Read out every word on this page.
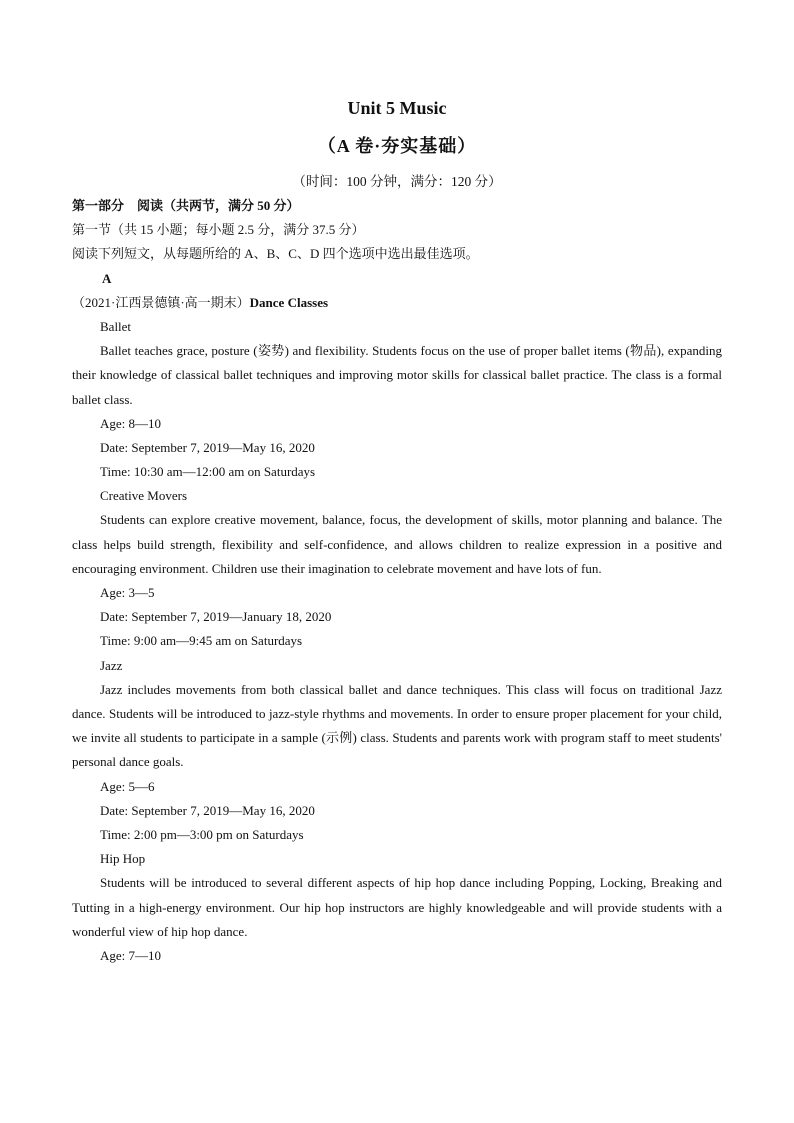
Unit 5 Music
（A 卷·夯实基础）
（时间：100 分钟，满分：120 分）
第一部分　阅读（共两节，满分 50 分）
第一节（共 15 小题；每小题 2.5 分，满分 37.5 分）
阅读下列短文，从每题所给的 A、B、C、D 四个选项中选出最佳选项。
A
（2021·江西景德镇·高一期末）Dance Classes
Ballet
Ballet teaches grace, posture (姿势) and flexibility. Students focus on the use of proper ballet items (物品), expanding their knowledge of classical ballet techniques and improving motor skills for classical ballet practice. The class is a formal ballet class.
Age: 8—10
Date: September 7, 2019—May 16, 2020
Time: 10:30 am—12:00 am on Saturdays
Creative Movers
Students can explore creative movement, balance, focus, the development of skills, motor planning and balance. The class helps build strength, flexibility and self-confidence, and allows children to realize expression in a positive and encouraging environment. Children use their imagination to celebrate movement and have lots of fun.
Age: 3—5
Date: September 7, 2019—January 18, 2020
Time: 9:00 am—9:45 am on Saturdays
Jazz
Jazz includes movements from both classical ballet and dance techniques. This class will focus on traditional Jazz dance. Students will be introduced to jazz-style rhythms and movements. In order to ensure proper placement for your child, we invite all students to participate in a sample (示例) class. Students and parents work with program staff to meet students' personal dance goals.
Age: 5—6
Date: September 7, 2019—May 16, 2020
Time: 2:00 pm—3:00 pm on Saturdays
Hip Hop
Students will be introduced to several different aspects of hip hop dance including Popping, Locking, Breaking and Tutting in a high-energy environment. Our hip hop instructors are highly knowledgeable and will provide students with a wonderful view of hip hop dance.
Age: 7—10
